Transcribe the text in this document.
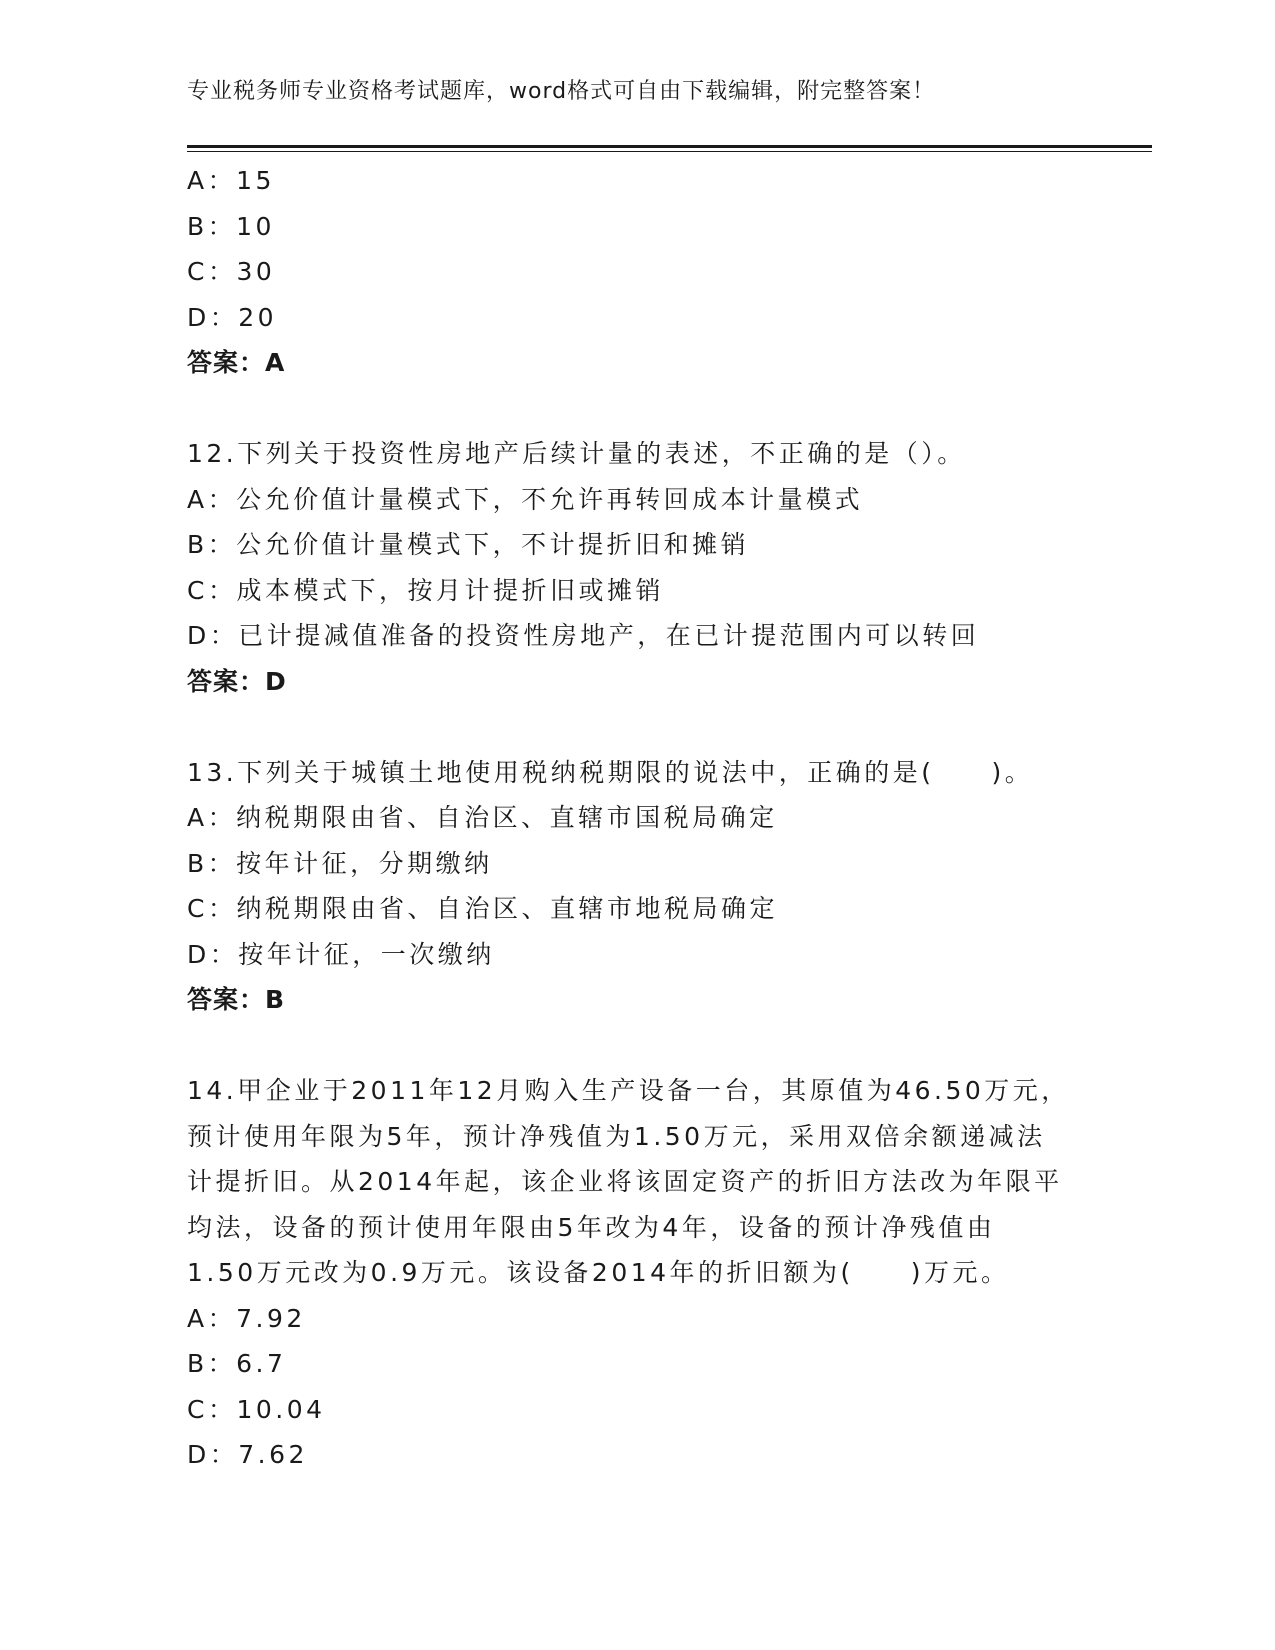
专业税务师专业资格考试题库，word格式可自由下载编辑，附完整答案！
A：15
B：10
C：30
D：20
答案：A
12.下列关于投资性房地产后续计量的表述，不正确的是（）。
A：公允价值计量模式下，不允许再转回成本计量模式
B：公允价值计量模式下，不计提折旧和摊销
C：成本模式下，按月计提折旧或摊销
D：已计提减值准备的投资性房地产，在已计提范围内可以转回
答案：D
13.下列关于城镇土地使用税纳税期限的说法中，正确的是(　　)。
A：纳税期限由省、自治区、直辖市国税局确定
B：按年计征，分期缴纳
C：纳税期限由省、自治区、直辖市地税局确定
D：按年计征，一次缴纳
答案：B
14.甲企业于2011年12月购入生产设备一台，其原值为46.50万元，
预计使用年限为5年，预计净残值为1.50万元，采用双倍余额递减法
计提折旧。从2014年起，该企业将该固定资产的折旧方法改为年限平
均法，设备的预计使用年限由5年改为4年，设备的预计净残值由
1.50万元改为0.9万元。该设备2014年的折旧额为(　　)万元。
A：7.92
B：6.7
C：10.04
D：7.62
